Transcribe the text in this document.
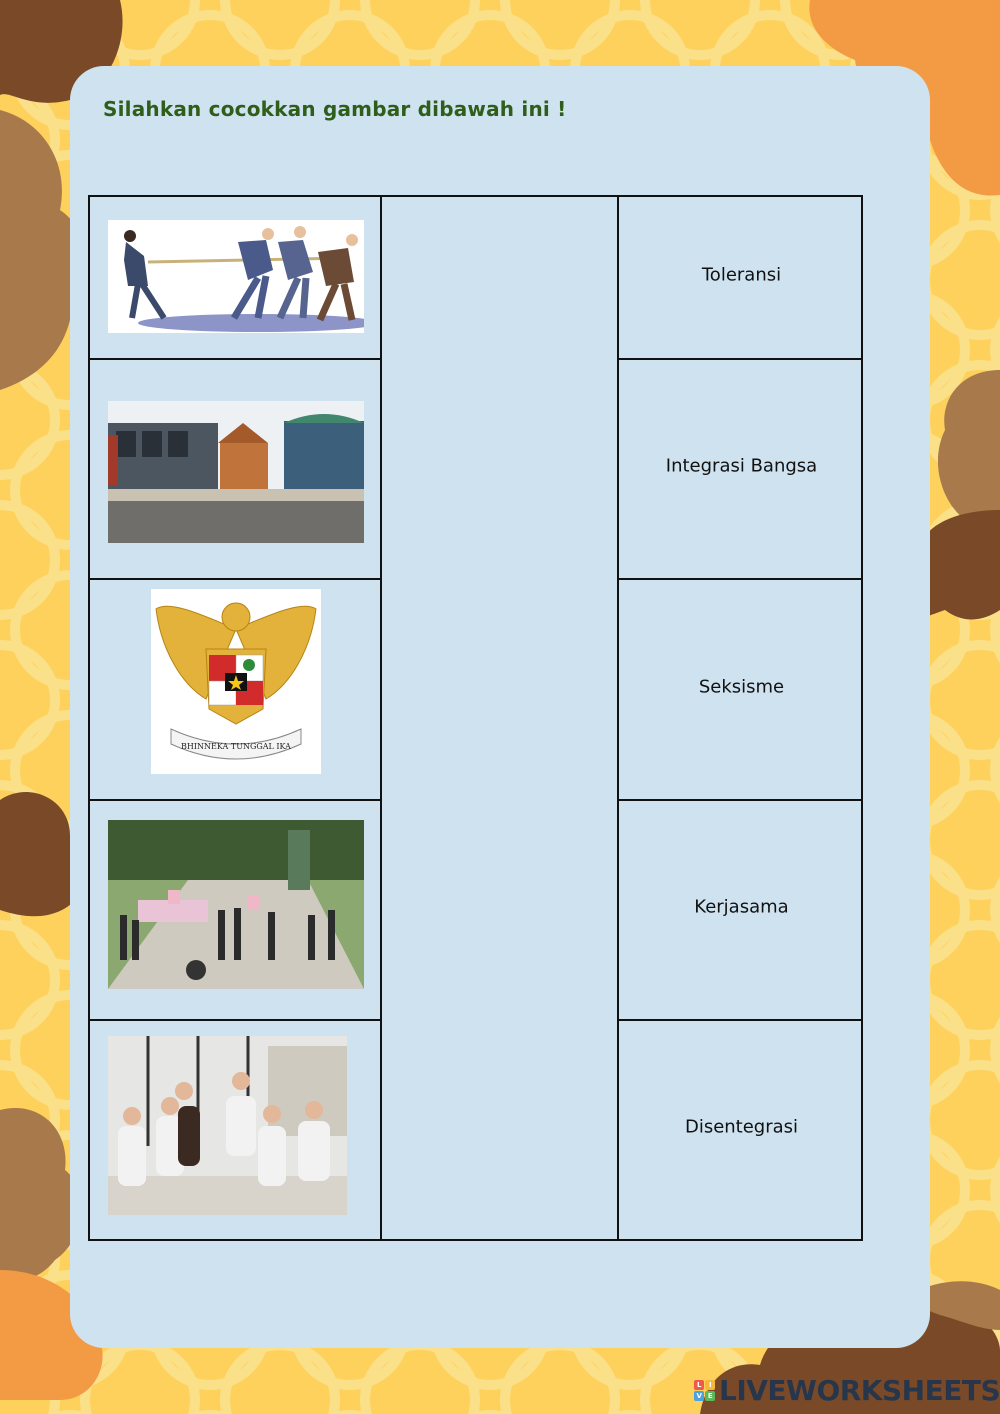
Silahkan cocokkan gambar dibawah ini !
Toleransi
Integrasi Bangsa
Seksisme
Kerjasama
Disentegrasi
BHINNEKA TUNGGAL IKA
L	I
V E LIVEWORKSHEETS
